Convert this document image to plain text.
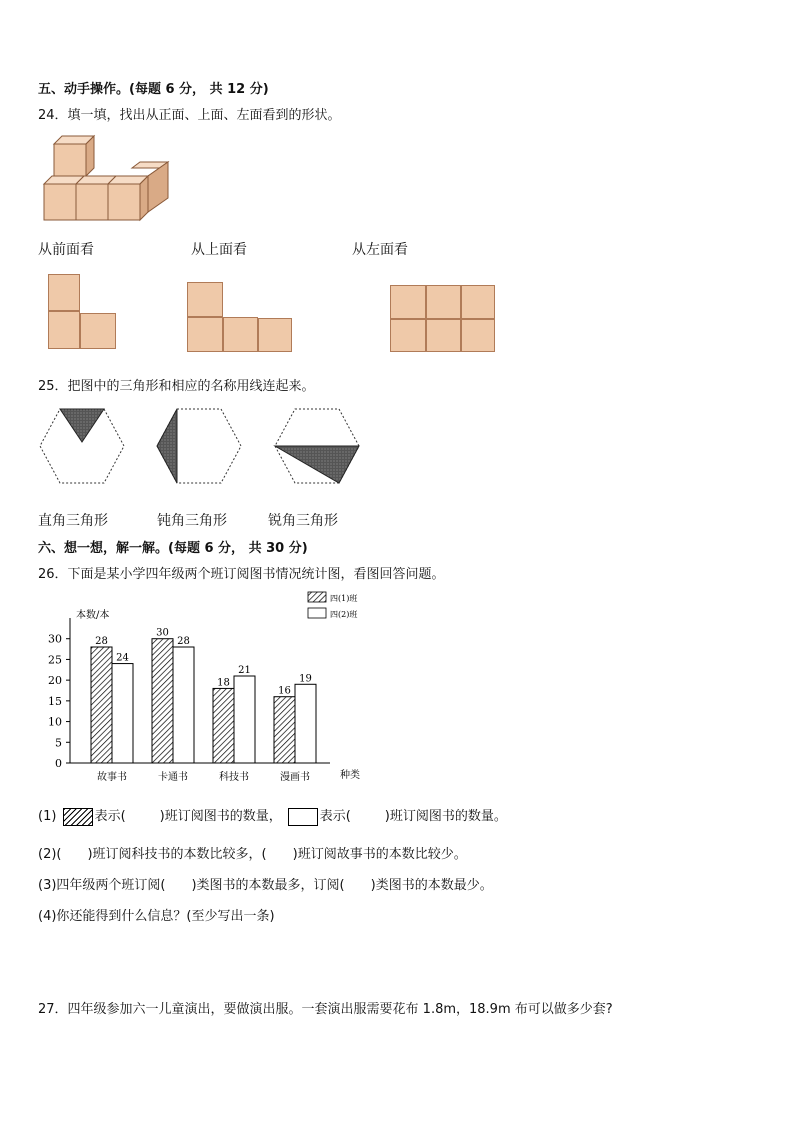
五、动手操作。(每题 6 分， 共 12 分)
24．填一填，找出从正面、上面、左面看到的形状。
从前面看	从上面看	从左面看
25．把图中的三角形和相应的名称用线连起来。
直角三角形	钝角三角形	锐角三角形
六、想一想，解一解。(每题 6 分， 共 30 分)
26．下面是某小学四年级两个班订阅图书情况统计图，看图回答问题。
本数/本
种类
四(1)班
四(2)班
0
5
10
15
20
25
30	28
24
故事书
30
28
卡通书
18
21
科技书
16
19
漫画书
(1)	表示(	)班订阅图书的数量，	表示(	)班订阅图书的数量。
(2)(　　)班订阅科技书的本数比较多，(　　)班订阅故事书的本数比较少。
(3)四年级两个班订阅(　　)类图书的本数最多，订阅(　　)类图书的本数最少。
(4)你还能得到什么信息？(至少写出一条)
27．四年级参加六一儿童演出，要做演出服。一套演出服需要花布 1.8m，18.9m 布可以做多少套?
